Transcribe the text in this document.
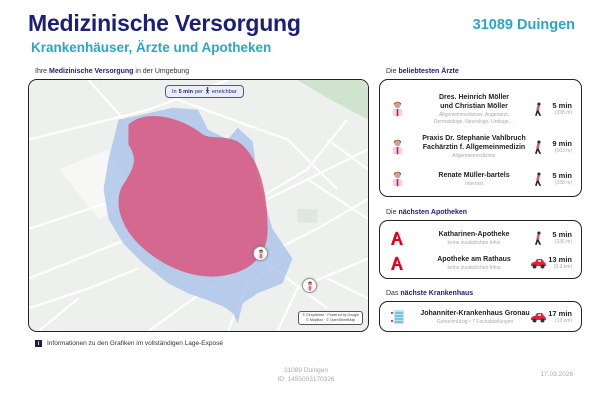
Medizinische Versorgung
Krankenhäuser, Ärzte und Apotheken
31089 Duingen
Ihre Medizinische Versorgung in der Umgebung
In 5 min per erreichbar
© Geoptimize · Powered by Google
© MapBox · © OpenStreetMap
i	Informationen zu den Grafiken im vollständigen Lage-Exposé
Die beliebtesten Ärzte
Dres. Heinrich Möller
und Christian Möller
Allgemeinmediziner, Augenarzt,
Dermatologe, Neurologe, Urologe,...
5 min
(338 m)
Praxis Dr. Stephanie Vahlbruch
Fachärztin f. Allgemeinmedizin
Allgemeinmediziner
9 min
(663 m)
Renate Müller-bartels
Internist
5 min
(338 m)
Die nächsten Apotheken
Katharinen-Apotheke
keine zusätzlichen Infos
5 min
(336 m)
Apotheke am Rathaus
keine zusätzlichen Infos
13 min
(9,3 km)
Das nächste Krankenhaus
Johanniter-Krankenhaus Gronau
Gemeinnützig • 7 Fachabteilungen
17 min
(13 km)
31089 Duingen
ID: 1455003170326
17.03.2026
